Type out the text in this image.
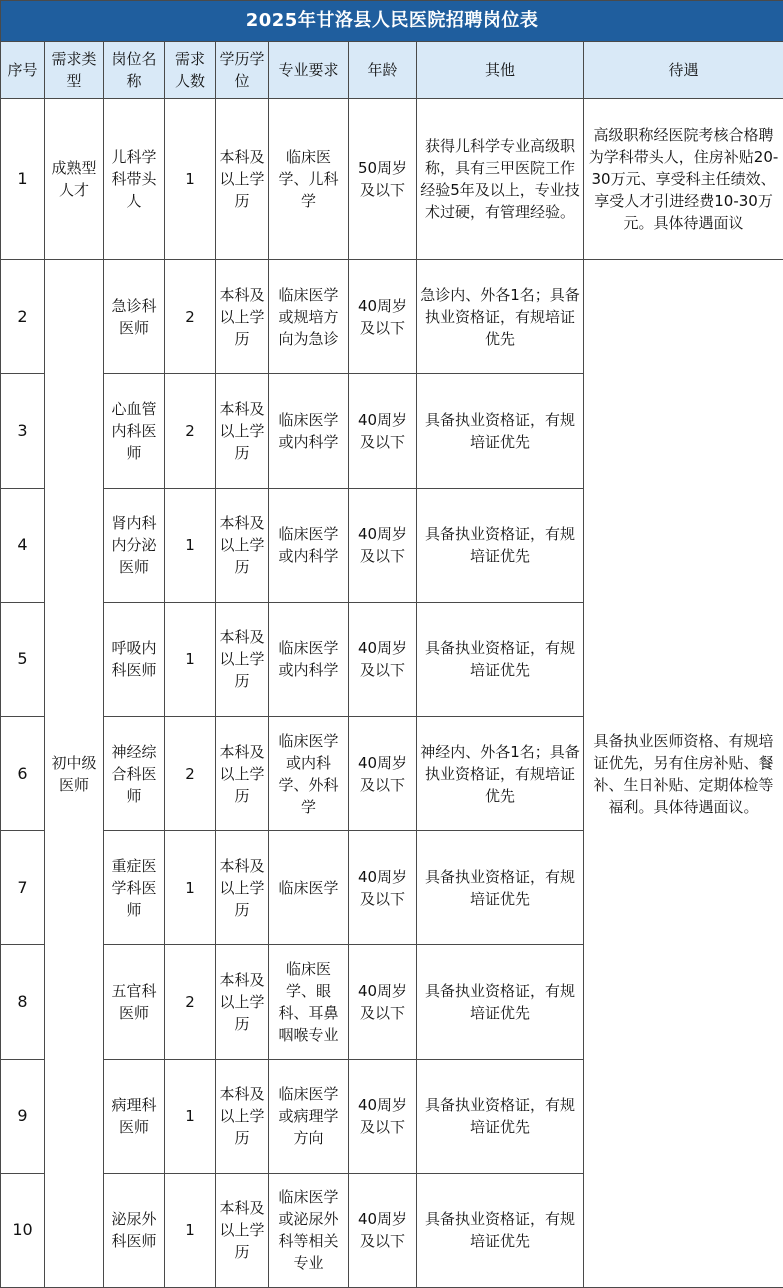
2025年甘洛县人民医院招聘岗位表								
序号	需求类型	岗位名称	需求人数	学历学位	专业要求	年龄	其他	待遇
1	成熟型人才	儿科学科带头人	1	本科及以上学历	临床医学、儿科学	50周岁及以下	获得儿科学专业高级职称，具有三甲医院工作经验5年及以上，专业技术过硬，有管理经验。	高级职称经医院考核合格聘为学科带头人，住房补贴20-30万元、享受科主任绩效、享受人才引进经费10-30万元。具体待遇面议
2	初中级医师	急诊科医师	2	本科及以上学历	临床医学或规培方向为急诊	40周岁及以下	急诊内、外各1名；具备执业资格证，有规培证优先	具备执业医师资格、有规培证优先，另有住房补贴、餐补、生日补贴、定期体检等福利。具体待遇面议。
3		心血管内科医师	2	本科及以上学历	临床医学或内科学	40周岁及以下	具备执业资格证，有规培证优先	
4		肾内科内分泌医师	1	本科及以上学历	临床医学或内科学	40周岁及以下	具备执业资格证，有规培证优先	
5		呼吸内科医师	1	本科及以上学历	临床医学或内科学	40周岁及以下	具备执业资格证，有规培证优先	
6		神经综合科医师	2	本科及以上学历	临床医学或内科学、外科学	40周岁及以下	神经内、外各1名；具备执业资格证，有规培证优先	
7		重症医学科医师	1	本科及以上学历	临床医学	40周岁及以下	具备执业资格证，有规培证优先	
8		五官科医师	2	本科及以上学历	临床医学、眼科、耳鼻咽喉专业	40周岁及以下	具备执业资格证，有规培证优先	
9		病理科医师	1	本科及以上学历	临床医学或病理学方向	40周岁及以下	具备执业资格证，有规培证优先	
10		泌尿外科医师	1	本科及以上学历	临床医学或泌尿外科等相关专业	40周岁及以下	具备执业资格证，有规培证优先	
